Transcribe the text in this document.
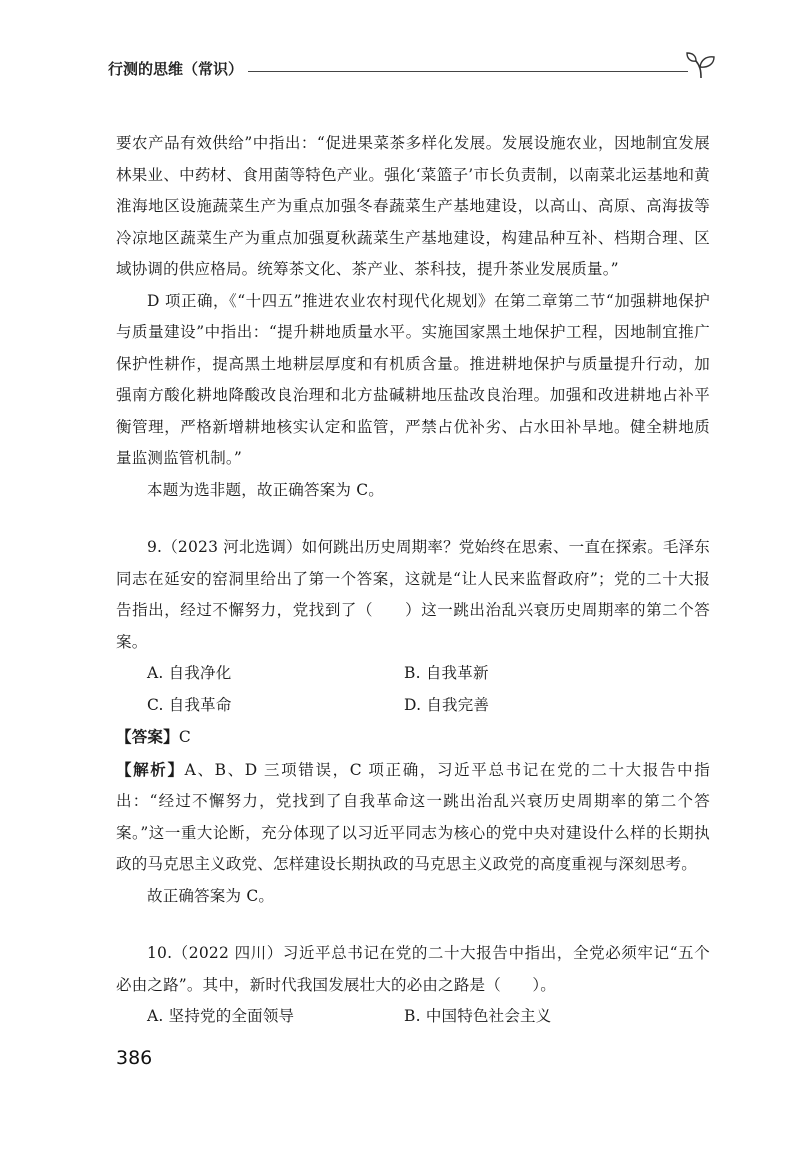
行测的思维（常识）

要农产品有效供给”中指出：“促进果菜茶多样化发展。发展设施农业，因地制宜发展林果业、中药材、食用菌等特色产业。强化‘菜篮子’市长负责制，以南菜北运基地和黄淮海地区设施蔬菜生产为重点加强冬春蔬菜生产基地建设，以高山、高原、高海拔等冷凉地区蔬菜生产为重点加强夏秋蔬菜生产基地建设，构建品种互补、档期合理、区域协调的供应格局。统筹茶文化、茶产业、茶科技，提升茶业发展质量。”

D 项正确，《“十四五”推进农业农村现代化规划》在第二章第二节“加强耕地保护与质量建设”中指出：“提升耕地质量水平。实施国家黑土地保护工程，因地制宜推广保护性耕作，提高黑土地耕层厚度和有机质含量。推进耕地保护与质量提升行动，加强南方酸化耕地降酸改良治理和北方盐碱耕地压盐改良治理。加强和改进耕地占补平衡管理，严格新增耕地核实认定和监管，严禁占优补劣、占水田补旱地。健全耕地质量监测监管机制。”

本题为选非题，故正确答案为 C。

9.（2023 河北选调）如何跳出历史周期率？党始终在思索、一直在探索。毛泽东同志在延安的窑洞里给出了第一个答案，这就是“让人民来监督政府”；党的二十大报告指出，经过不懈努力，党找到了（　　）这一跳出治乱兴衰历史周期率的第二个答案。

A. 自我净化	B. 自我革新
C. 自我革命	D. 自我完善

【答案】C

【解析】A、B、D 三项错误，C 项正确，习近平总书记在党的二十大报告中指出：“经过不懈努力，党找到了自我革命这一跳出治乱兴衰历史周期率的第二个答案。”这一重大论断，充分体现了以习近平同志为核心的党中央对建设什么样的长期执政的马克思主义政党、怎样建设长期执政的马克思主义政党的高度重视与深刻思考。

故正确答案为 C。

10.（2022 四川）习近平总书记在党的二十大报告中指出，全党必须牢记“五个必由之路”。其中，新时代我国发展壮大的必由之路是（　　）。

A. 坚持党的全面领导	B. 中国特色社会主义
386
